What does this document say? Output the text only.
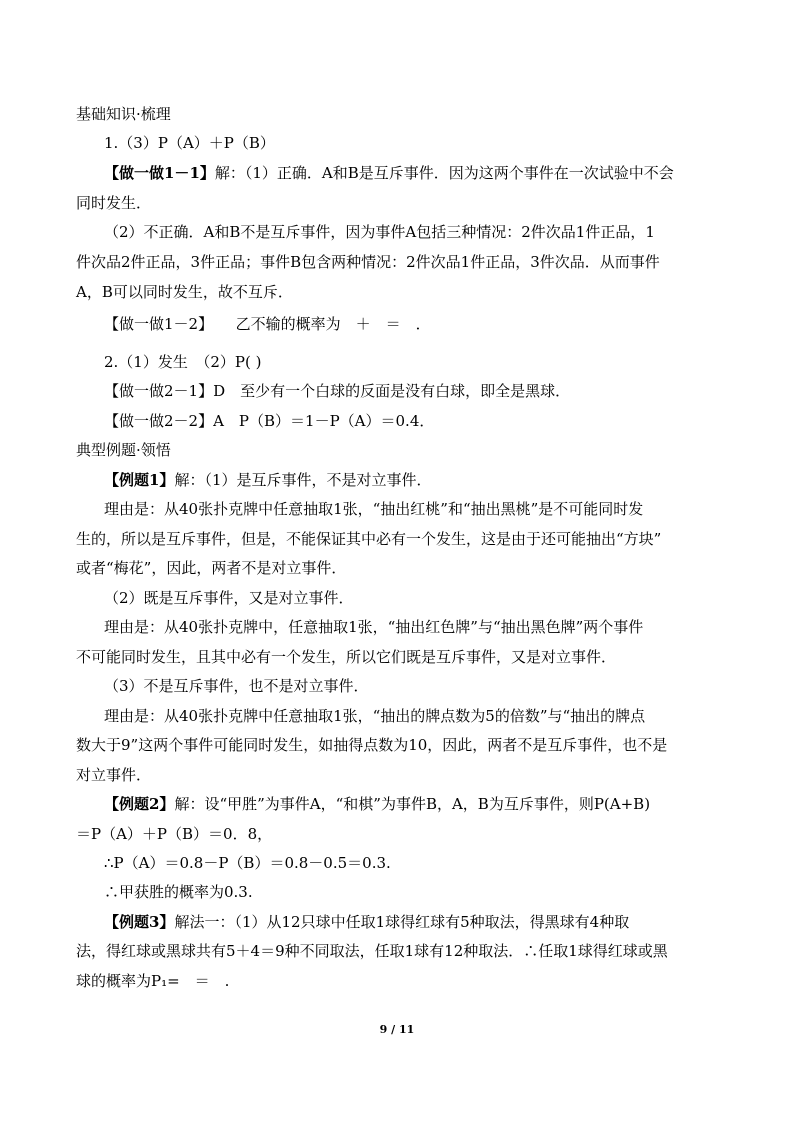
基础知识·梳理
1.（3）P（A）＋P（B）
【做一做1－1】解：（1）正确．A和B是互斥事件．因为这两个事件在一次试验中不会
同时发生．
（2）不正确．A和B不是互斥事件，因为事件A包括三种情况：2件次品1件正品，1
件次品2件正品，3件正品；事件B包含两种情况：2件次品1件正品，3件次品．从而事件
A，B可以同时发生，故不互斥．
【做一做1－2】　　乙不输的概率为　＋　＝　．
2.（1）发生　（2）P( )
【做一做2－1】D　至少有一个白球的反面是没有白球，即全是黑球．
【做一做2－2】A　P（B）＝1－P（A）＝0.4．
典型例题·领悟
【例题1】解：（1）是互斥事件，不是对立事件．
理由是：从40张扑克牌中任意抽取1张，“抽出红桃”和“抽出黑桃”是不可能同时发
生的，所以是互斥事件，但是，不能保证其中必有一个发生，这是由于还可能抽出“方块”
或者“梅花”，因此，两者不是对立事件．
（2）既是互斥事件，又是对立事件．
理由是：从40张扑克牌中，任意抽取1张，“抽出红色牌”与“抽出黑色牌”两个事件
不可能同时发生，且其中必有一个发生，所以它们既是互斥事件，又是对立事件．
（3）不是互斥事件，也不是对立事件．
理由是：从40张扑克牌中任意抽取1张，“抽出的牌点数为5的倍数”与“抽出的牌点
数大于9”这两个事件可能同时发生，如抽得点数为10，因此，两者不是互斥事件，也不是
对立事件．
【例题2】解：设“甲胜”为事件A，“和棋”为事件B，A，B为互斥事件，则P(A+B)
＝P（A）＋P（B）＝0．8，
∴P（A）＝0.8－P（B）＝0.8－0.5＝0.3.
∴甲获胜的概率为0.3.
【例题3】解法一：（1）从12只球中任取1球得红球有5种取法，得黑球有4种取
法，得红球或黑球共有5＋4＝9种不同取法，任取1球有12种取法．∴任取1球得红球或黑
球的概率为P₁=　＝　.
9 / 11
